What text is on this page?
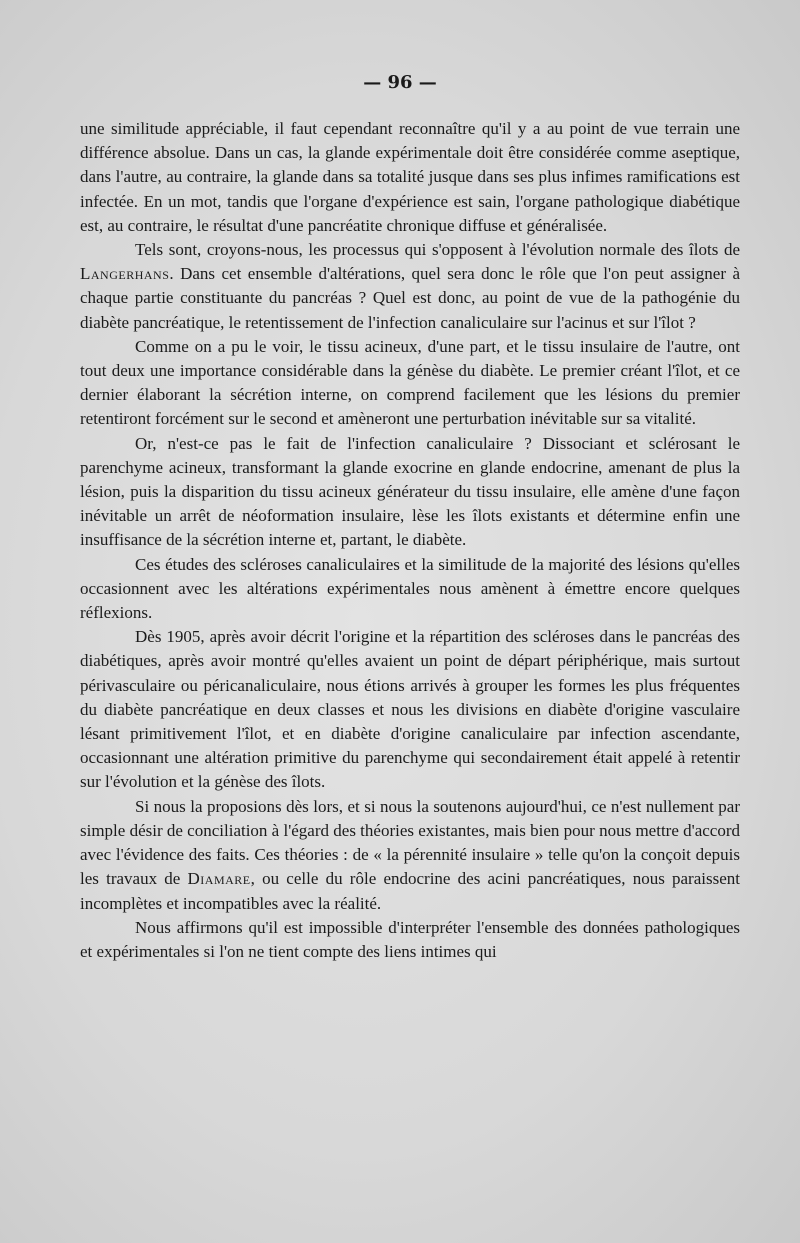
— 96 —

une similitude appréciable, il faut cependant reconnaître qu'il y a au point de vue terrain une différence absolue. Dans un cas, la glande expérimentale doit être considérée comme aseptique, dans l'autre, au contraire, la glande dans sa totalité jusque dans ses plus infimes ramifications est infectée. En un mot, tandis que l'organe d'expérience est sain, l'organe pathologique diabétique est, au contraire, le résultat d'une pancréatite chronique diffuse et généralisée.

Tels sont, croyons-nous, les processus qui s'opposent à l'évolution normale des îlots de Langerhans. Dans cet ensemble d'altérations, quel sera donc le rôle que l'on peut assigner à chaque partie constituante du pancréas ? Quel est donc, au point de vue de la pathogénie du diabète pancréatique, le retentissement de l'infection canaliculaire sur l'acinus et sur l'îlot ?

Comme on a pu le voir, le tissu acineux, d'une part, et le tissu insulaire de l'autre, ont tout deux une importance considérable dans la génèse du diabète. Le premier créant l'îlot, et ce dernier élaborant la sécrétion interne, on comprend facilement que les lésions du premier retentiront forcément sur le second et amèneront une perturbation inévitable sur sa vitalité.

Or, n'est-ce pas le fait de l'infection canaliculaire ? Dissociant et sclérosant le parenchyme acineux, transformant la glande exocrine en glande endocrine, amenant de plus la lésion, puis la disparition du tissu acineux générateur du tissu insulaire, elle amène d'une façon inévitable un arrêt de néoformation insulaire, lèse les îlots existants et détermine enfin une insuffisance de la sécrétion interne et, partant, le diabète.

Ces études des scléroses canaliculaires et la similitude de la majorité des lésions qu'elles occasionnent avec les altérations expérimentales nous amènent à émettre encore quelques réflexions.

Dès 1905, après avoir décrit l'origine et la répartition des scléroses dans le pancréas des diabétiques, après avoir montré qu'elles avaient un point de départ périphérique, mais surtout périvasculaire ou péricanaliculaire, nous étions arrivés à grouper les formes les plus fréquentes du diabète pancréatique en deux classes et nous les divisions en diabète d'origine vasculaire lésant primitivement l'îlot, et en diabète d'origine canaliculaire par infection ascendante, occasionnant une altération primitive du parenchyme qui secondairement était appelé à retentir sur l'évolution et la génèse des îlots.

Si nous la proposions dès lors, et si nous la soutenons aujourd'hui, ce n'est nullement par simple désir de conciliation à l'égard des théories existantes, mais bien pour nous mettre d'accord avec l'évidence des faits. Ces théories : de « la pérennité insulaire » telle qu'on la conçoit depuis les travaux de Diamare, ou celle du rôle endocrine des acini pancréatiques, nous paraissent incomplètes et incompatibles avec la réalité.

Nous affirmons qu'il est impossible d'interpréter l'ensemble des données pathologiques et expérimentales si l'on ne tient compte des liens intimes qui
